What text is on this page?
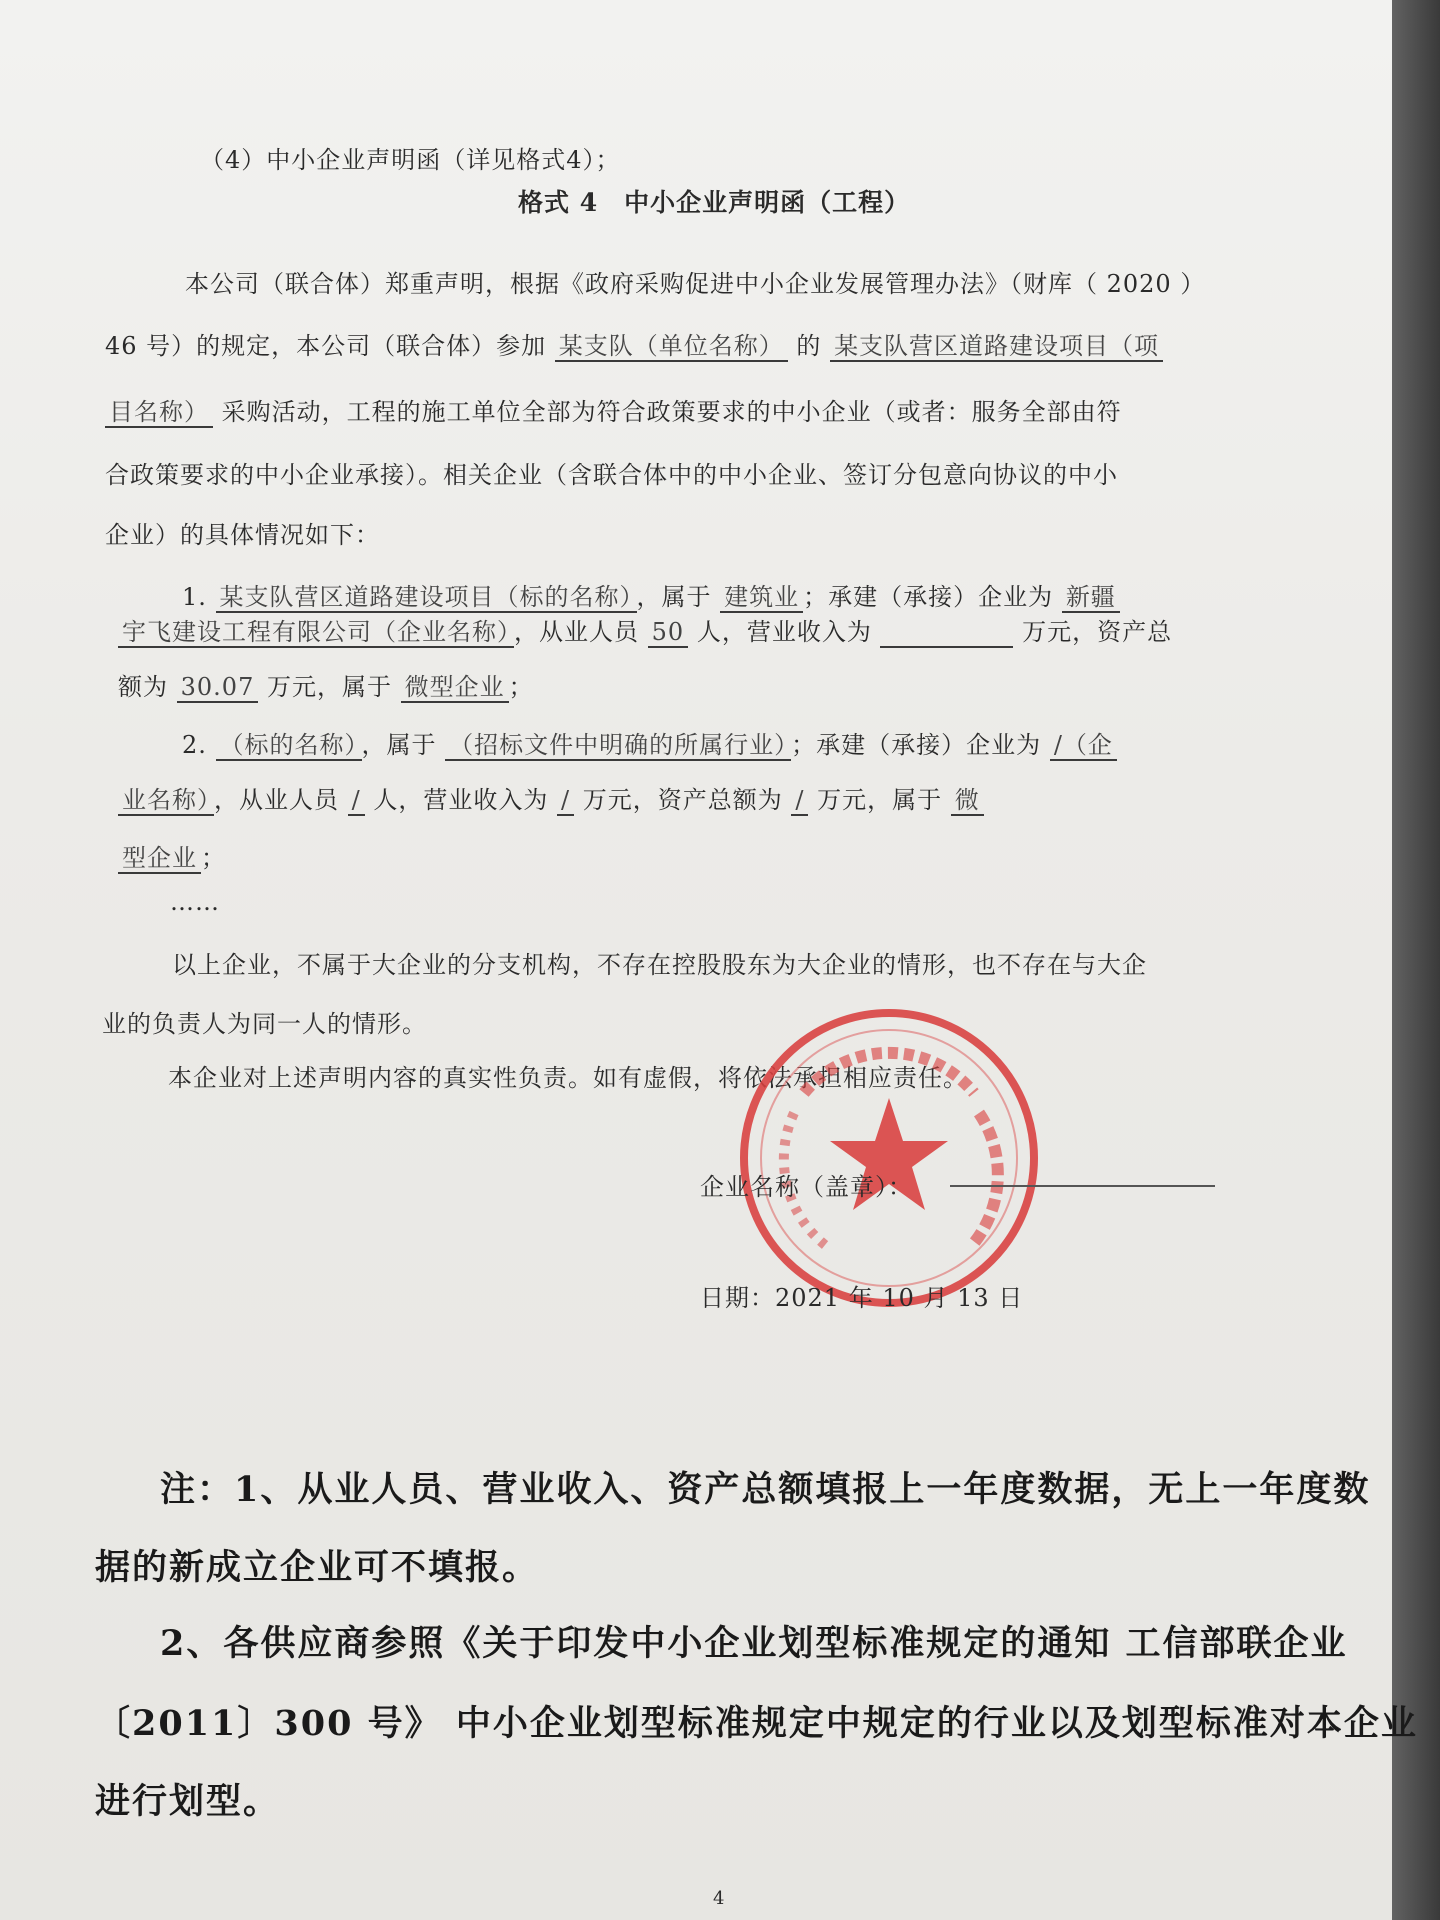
（4）中小企业声明函（详见格式4）；
格式 4　中小企业声明函（工程）
本公司（联合体）郑重声明，根据《政府采购促进中小企业发展管理办法》（财库（ 2020 ）
46 号）的规定，本公司（联合体）参加 某支队（单位名称） 的 某支队营区道路建设项目（项
目名称） 采购活动，工程的施工单位全部为符合政策要求的中小企业（或者：服务全部由符
合政策要求的中小企业承接）。相关企业（含联合体中的中小企业、签订分包意向协议的中小
企业）的具体情况如下：
1. 某支队营区道路建设项目（标的名称） ，属于 建筑业 ；承建（承接）企业为 新疆
宇飞建设工程有限公司（企业名称） ，从业人员 50 人，营业收入为 　　　　　	万元，资产总
额为 30.07 万元，属于 微型企业 ；
2. （标的名称） ，属于 （招标文件中明确的所属行业） ；承建（承接）企业为 /（企
业名称） ，从业人员 / 人，营业收入为 / 万元，资产总额为 / 万元，属于 微
型企业 ；
……
以上企业，不属于大企业的分支机构，不存在控股股东为大企业的情形，也不存在与大企
业的负责人为同一人的情形。
本企业对上述声明内容的真实性负责。如有虚假，将依法承担相应责任。
企业名称（盖章）：
日期：2021 年 10 月 13 日
注：1、从业人员、营业收入、资产总额填报上一年度数据，无上一年度数
据的新成立企业可不填报。
2、各供应商参照《关于印发中小企业划型标准规定的通知 工信部联企业
〔2011〕300 号》 中小企业划型标准规定中规定的行业以及划型标准对本企业
进行划型。
4
